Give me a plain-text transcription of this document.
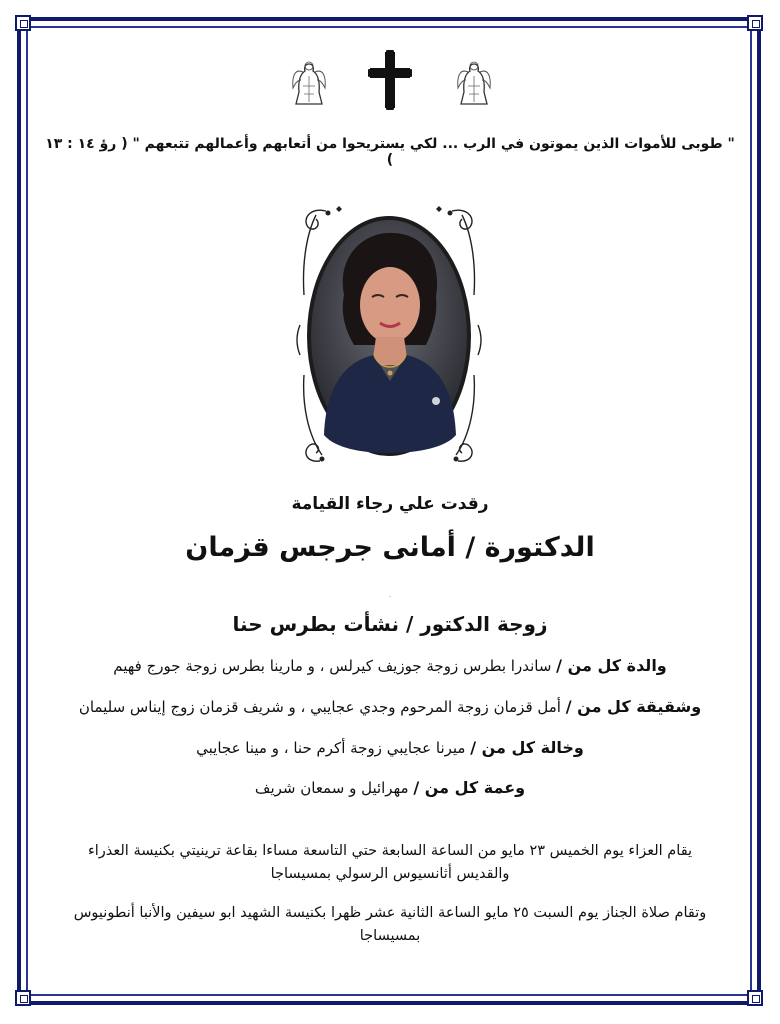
" طوبى للأموات الذين يموتون في الرب ... لكي يستريحوا من أتعابهم وأعمالهم تتبعهم " ( رؤ ١٤ : ١٣ )
رقدت علي رجاء القيامة
الدكتورة / أمانى جرجس قزمان
.
زوجة الدكتور / نشأت بطرس حنا
والدة كل من / ساندرا بطرس زوجة جوزيف كيرلس ، و مارينا بطرس زوجة جورج فهيم
وشقيقة كل من / أمل قزمان زوجة المرحوم وجدي عجايبي ، و شريف قزمان زوج إيناس سليمان
وخالة كل من / ميرنا عجايبي زوجة أكرم حنا ، و مينا عجايبي
وعمة كل من / مهرائيل و سمعان شريف
يقام العزاء يوم الخميس ٢٣ مايو من الساعة السابعة حتي التاسعة مساءا بقاعة ترينيتي بكنيسة العذراء والقديس أثانسيوس الرسولي بمسيساجا
وتقام صلاة الجناز يوم السبت ٢٥ مايو الساعة الثانية عشر ظهرا بكنيسة الشهيد ابو سيفين والأنبا أنطونيوس بمسيساجا
